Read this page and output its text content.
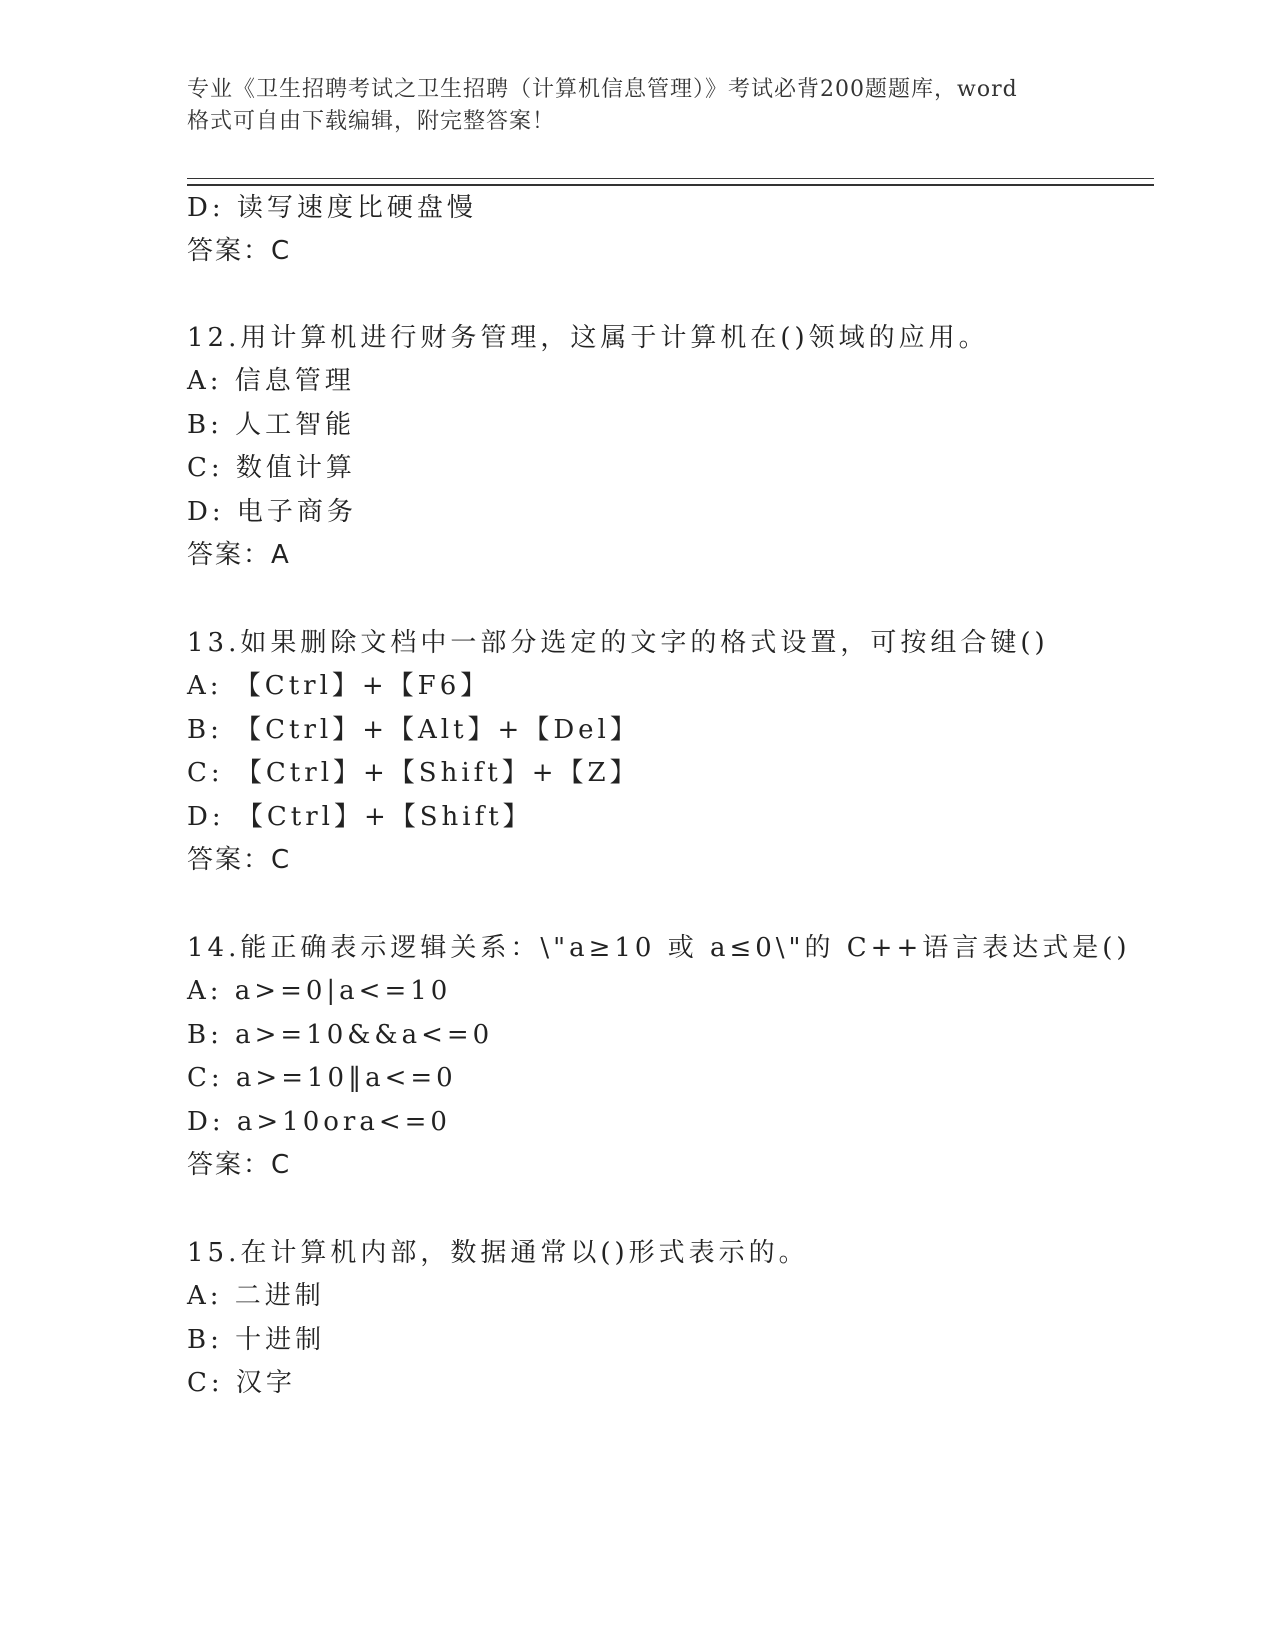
专业《卫生招聘考试之卫生招聘（计算机信息管理）》考试必背200题题库，word
格式可自由下载编辑，附完整答案！
D: 读写速度比硬盘慢
答案：C
12.用计算机进行财务管理，这属于计算机在()领域的应用。
A: 信息管理
B: 人工智能
C: 数值计算
D: 电子商务
答案：A
13.如果删除文档中一部分选定的文字的格式设置，可按组合键()
A: 【Ctrl】+【F6】
B: 【Ctrl】+【Alt】+【Del】
C: 【Ctrl】+【Shift】+【Z】
D: 【Ctrl】+【Shift】
答案：C
14.能正确表示逻辑关系：\"a≥10 或 a≤0\"的 C++语言表达式是()
A: a>=0|a<=10
B: a>=10&&a<=0
C: a>=10‖a<=0
D: a>10ora<=0
答案：C
15.在计算机内部，数据通常以()形式表示的。
A: 二进制
B: 十进制
C: 汉字
